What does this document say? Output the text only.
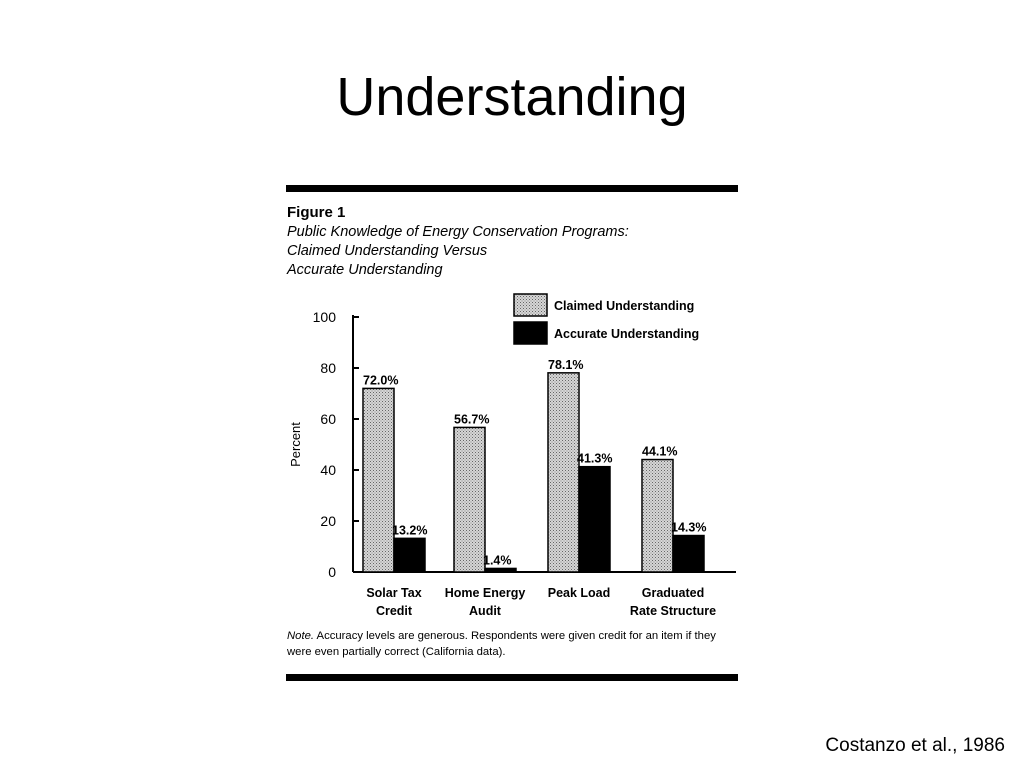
Understanding
Figure 1
Public Knowledge of Energy Conservation Programs:
Claimed Understanding Versus
Accurate Understanding
0
20
40
60
80
100
Percent
72.0%
56.7%
78.1%
44.1%
13.2%
1.4%
41.3%
14.3%
Solar Tax
Credit
Home Energy
Audit
Peak Load	Graduated
Rate Structure
Claimed Understanding
Accurate Understanding
Note. Accuracy levels are generous. Respondents were given credit for an item if they were even partially correct (California data).
Costanzo et al., 1986
